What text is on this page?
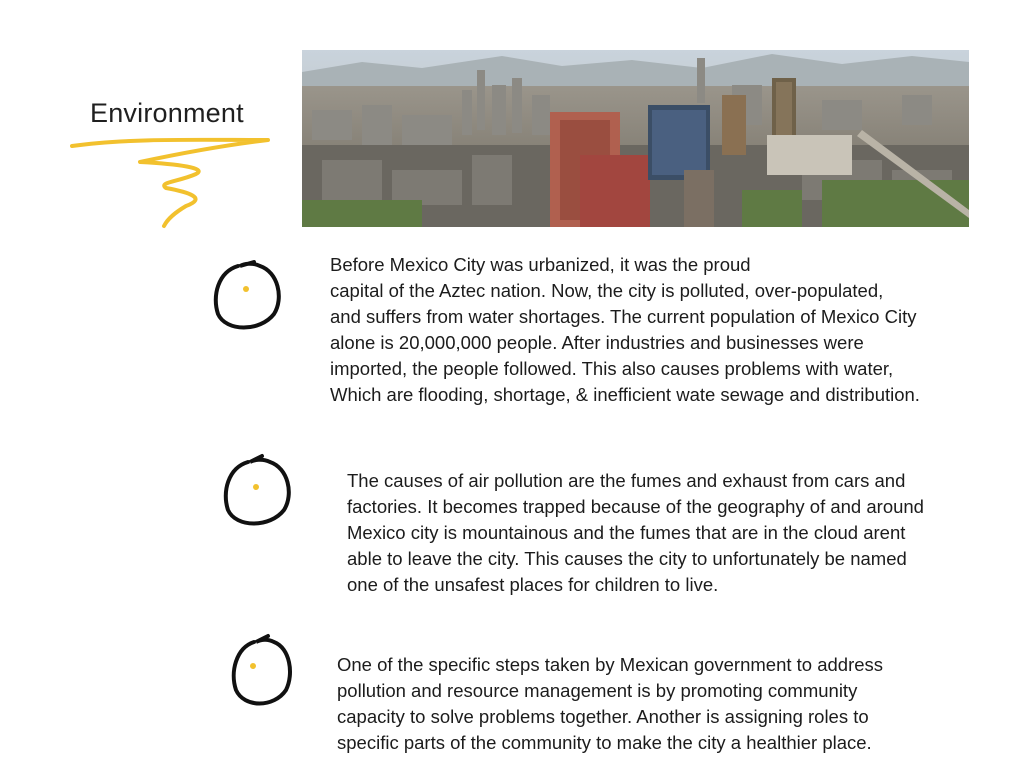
Environment
Before Mexico City was urbanized, it was the proud
capital of the Aztec nation. Now, the city is polluted, over-populated,
and suffers from water shortages. The current population of Mexico City
alone is 20,000,000 people. After industries and businesses were
imported, the people followed. This also causes problems with water,
Which are flooding, shortage, & inefficient wate sewage and distribution.
The causes of air pollution are the fumes and exhaust from cars and
factories. It becomes trapped because of the geography of and around
Mexico city is mountainous and the fumes that are in the cloud arent
able to leave the city. This causes the city to unfortunately be named
one of the unsafest places for children to live.
One of the specific steps taken by Mexican government to address
pollution and resource management is by promoting community
capacity to solve problems together. Another is assigning roles to
specific parts of the community to make the city a healthier place.
